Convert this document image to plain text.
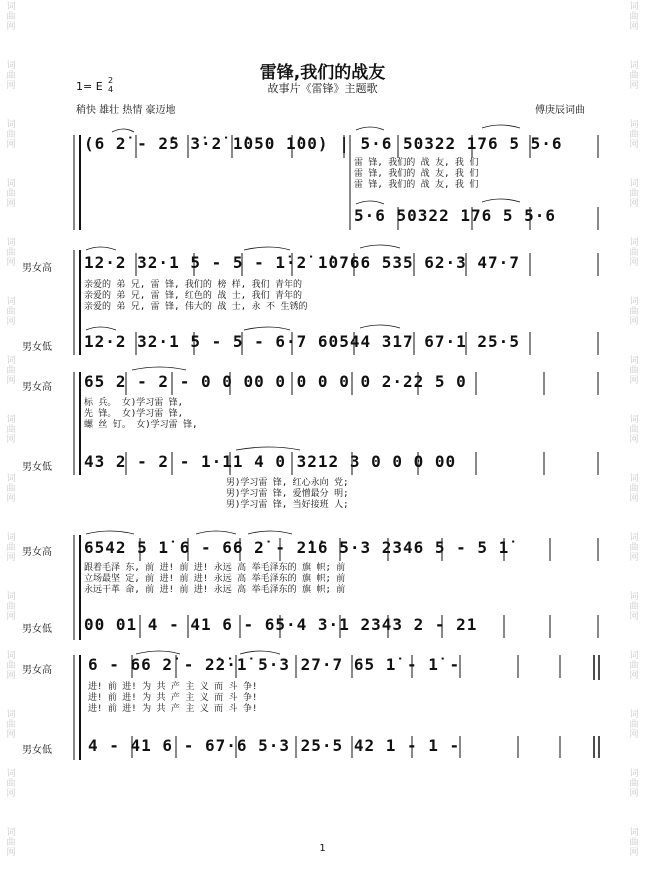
词
曲
网
词
曲
网
词
曲
网
词
曲
网
词
曲
网
词
曲
网
词
曲
网
词
曲
网
词
曲
网
词
曲
网
词
曲
网
词
曲
网
词
曲
网
词
曲
网
词
曲
网
词
曲
网
词
曲
网
词
曲
网
词
曲
网
词
曲
网
词
曲
网
词
曲
网
词
曲
网
词
曲
网
词
曲
网
词
曲
网
词
曲
网
词
曲
网
词
曲
网
词
曲
网
雷锋,我们的战友
故事片《雷锋》主题歌
1= E 2
4
稍快 雄壮 热情 豪迈地	傅庚辰词曲
(6 2̇ - 2̇5 3̇·2̇ 1̇050 1̇00) | 5·6 50322 176 5 5·6
雷 锋, 我们的 战 友, 我 们
雷 锋, 我们的 战 友, 我 们
雷 锋, 我们的 战 友, 我 们
5·6 50322 176 5 5·6
男女高 12·2 32·1 5 - 5 - 1̇·2̇ 1̇0766 535 62·3 47·7
亲爱的 弟 兄, 雷 锋, 我们的 榜 样, 我们 青年的
亲爱的 弟 兄, 雷 锋, 红色的 战 士, 我们 青年的
亲爱的 弟 兄, 雷 锋, 伟大的 战 士, 永 不 生锈的
男女低 12·2 32·1 5 - 5 - 6·7 60544 317 67·1 25·5
男女高 65 2 - 2 - 0 0 00 0 0 0 0 0 2·22 5 0
标 兵。 女)学习雷 锋,
先 锋。 女)学习雷 锋,
螺 丝 钉。 女)学习雷 锋,
男女低 43 2 - 2 - 1·11 4 0 3212 3 0 0 0 00
男)学习雷 锋, 红心永向 党;
男)学习雷 锋, 爱憎最分 明;
男)学习雷 锋, 当好接班 人;
男女高 6542 5 1̇ 6 - 66 2̇ - 2̇1̇6 5·3 2346 5 - 5 1̇
跟着毛泽 东, 前 进! 前 进! 永远 高 举毛泽东的 旗 帜; 前
立场最坚 定, 前 进! 前 进! 永远 高 举毛泽东的 旗 帜; 前
永远干革 命, 前 进! 前 进! 永远 高 举毛泽东的 旗 帜; 前
男女低 00 01 4 - 41 6 - 65·4 3·1 2343 2 - 21
男女高 6 - 66 2̇ - 2̇2̇·1̇ 5·3 27·7 65 1̇ - 1̇ -
进! 前 进! 为 共 产 主 义 而 斗 争!
进! 前 进! 为 共 产 主 义 而 斗 争!
进! 前 进! 为 共 产 主 义 而 斗 争!
男女低 4 - 41 6 - 67·6 5·3 25·5 42 1 - 1 -
1
